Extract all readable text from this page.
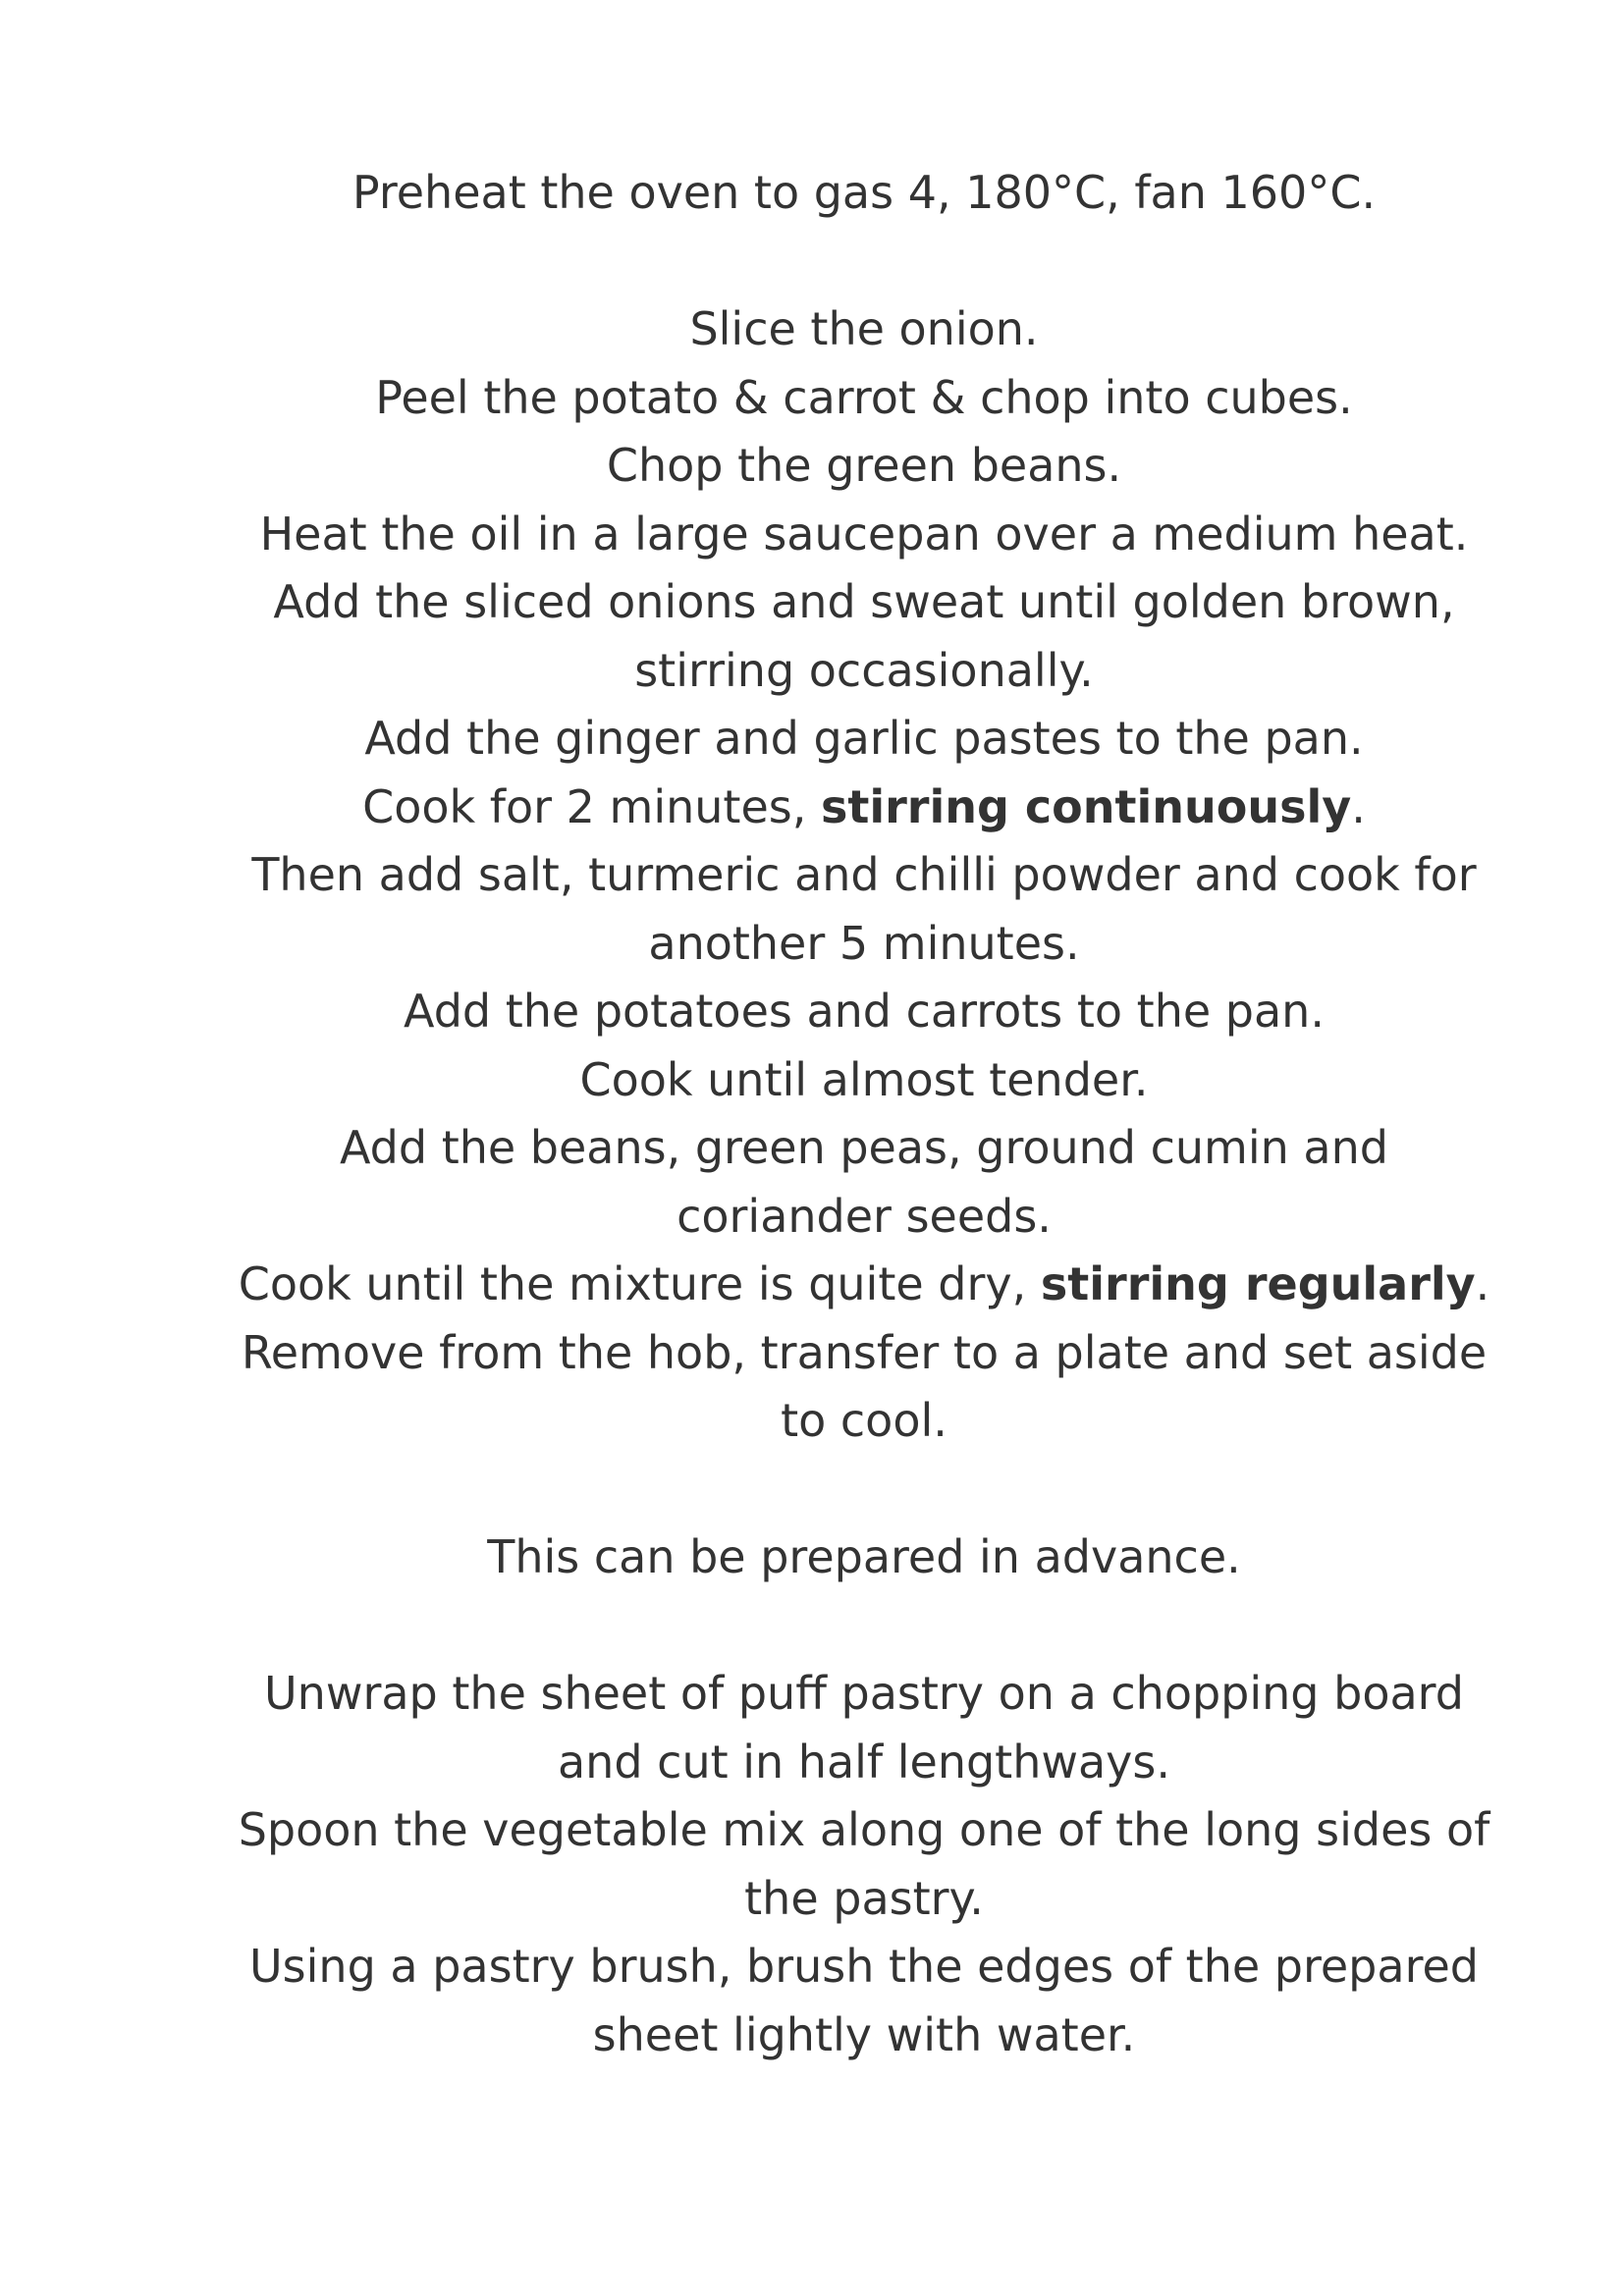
Preheat the oven to gas 4, 180°C, fan 160°C.

Slice the onion.

Peel the potato & carrot & chop into cubes.

Chop the green beans.

Heat the oil in a large saucepan over a medium heat.

Add the sliced onions and sweat until golden brown, stirring occasionally.

Add the ginger and garlic pastes to the pan.

Cook for 2 minutes, stirring continuously.

Then add salt, turmeric and chilli powder and cook for another 5 minutes.

Add the potatoes and carrots to the pan.

Cook until almost tender.

Add the beans, green peas, ground cumin and coriander seeds.

Cook until the mixture is quite dry, stirring regularly.

Remove from the hob, transfer to a plate and set aside to cool.

This can be prepared in advance.

Unwrap the sheet of puff pastry on a chopping board and cut in half lengthways.

Spoon the vegetable mix along one of the long sides of the pastry.

Using a pastry brush, brush the edges of the prepared sheet lightly with water.
